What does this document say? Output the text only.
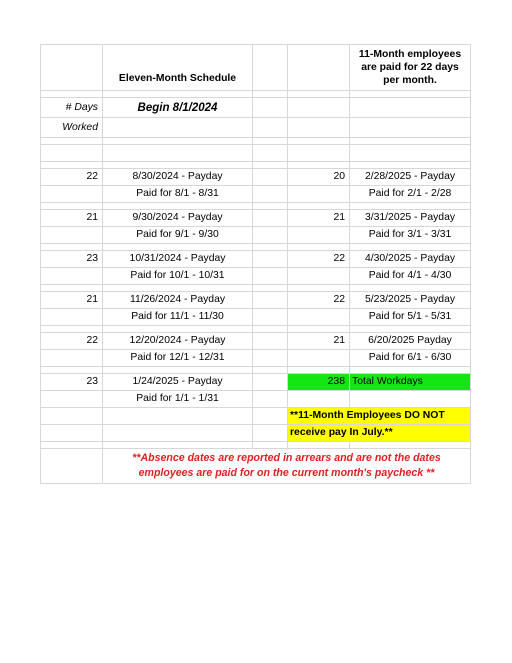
	Eleven-Month Schedule			11-Month employees are paid for 22 days per month.

# Days	Begin 8/1/2024			
Worked				

22	8/30/2024 - Payday		20	2/28/2025 - Payday
	Paid for 8/1 - 8/31			Paid for 2/1 - 2/28

21	9/30/2024 - Payday		21	3/31/2025 - Payday
	Paid for 9/1 - 9/30			Paid for 3/1 - 3/31

23	10/31/2024 - Payday		22	4/30/2025 - Payday
	Paid for 10/1 - 10/31			Paid for 4/1 - 4/30

21	11/26/2024 - Payday		22	5/23/2025 - Payday
	Paid for 11/1 - 11/30			Paid for 5/1 - 5/31

22	12/20/2024 - Payday		21	6/20/2025 Payday
	Paid for 12/1 - 12/31			Paid for 6/1 - 6/30

23	1/24/2025 - Payday		238	Total Workdays
	Paid for 1/1 - 1/31			
			**11-Month Employees DO NOT	
			receive pay In July.**	

	**Absence dates are reported in arrears and are not the dates employees are paid for on the current month's paycheck **			
